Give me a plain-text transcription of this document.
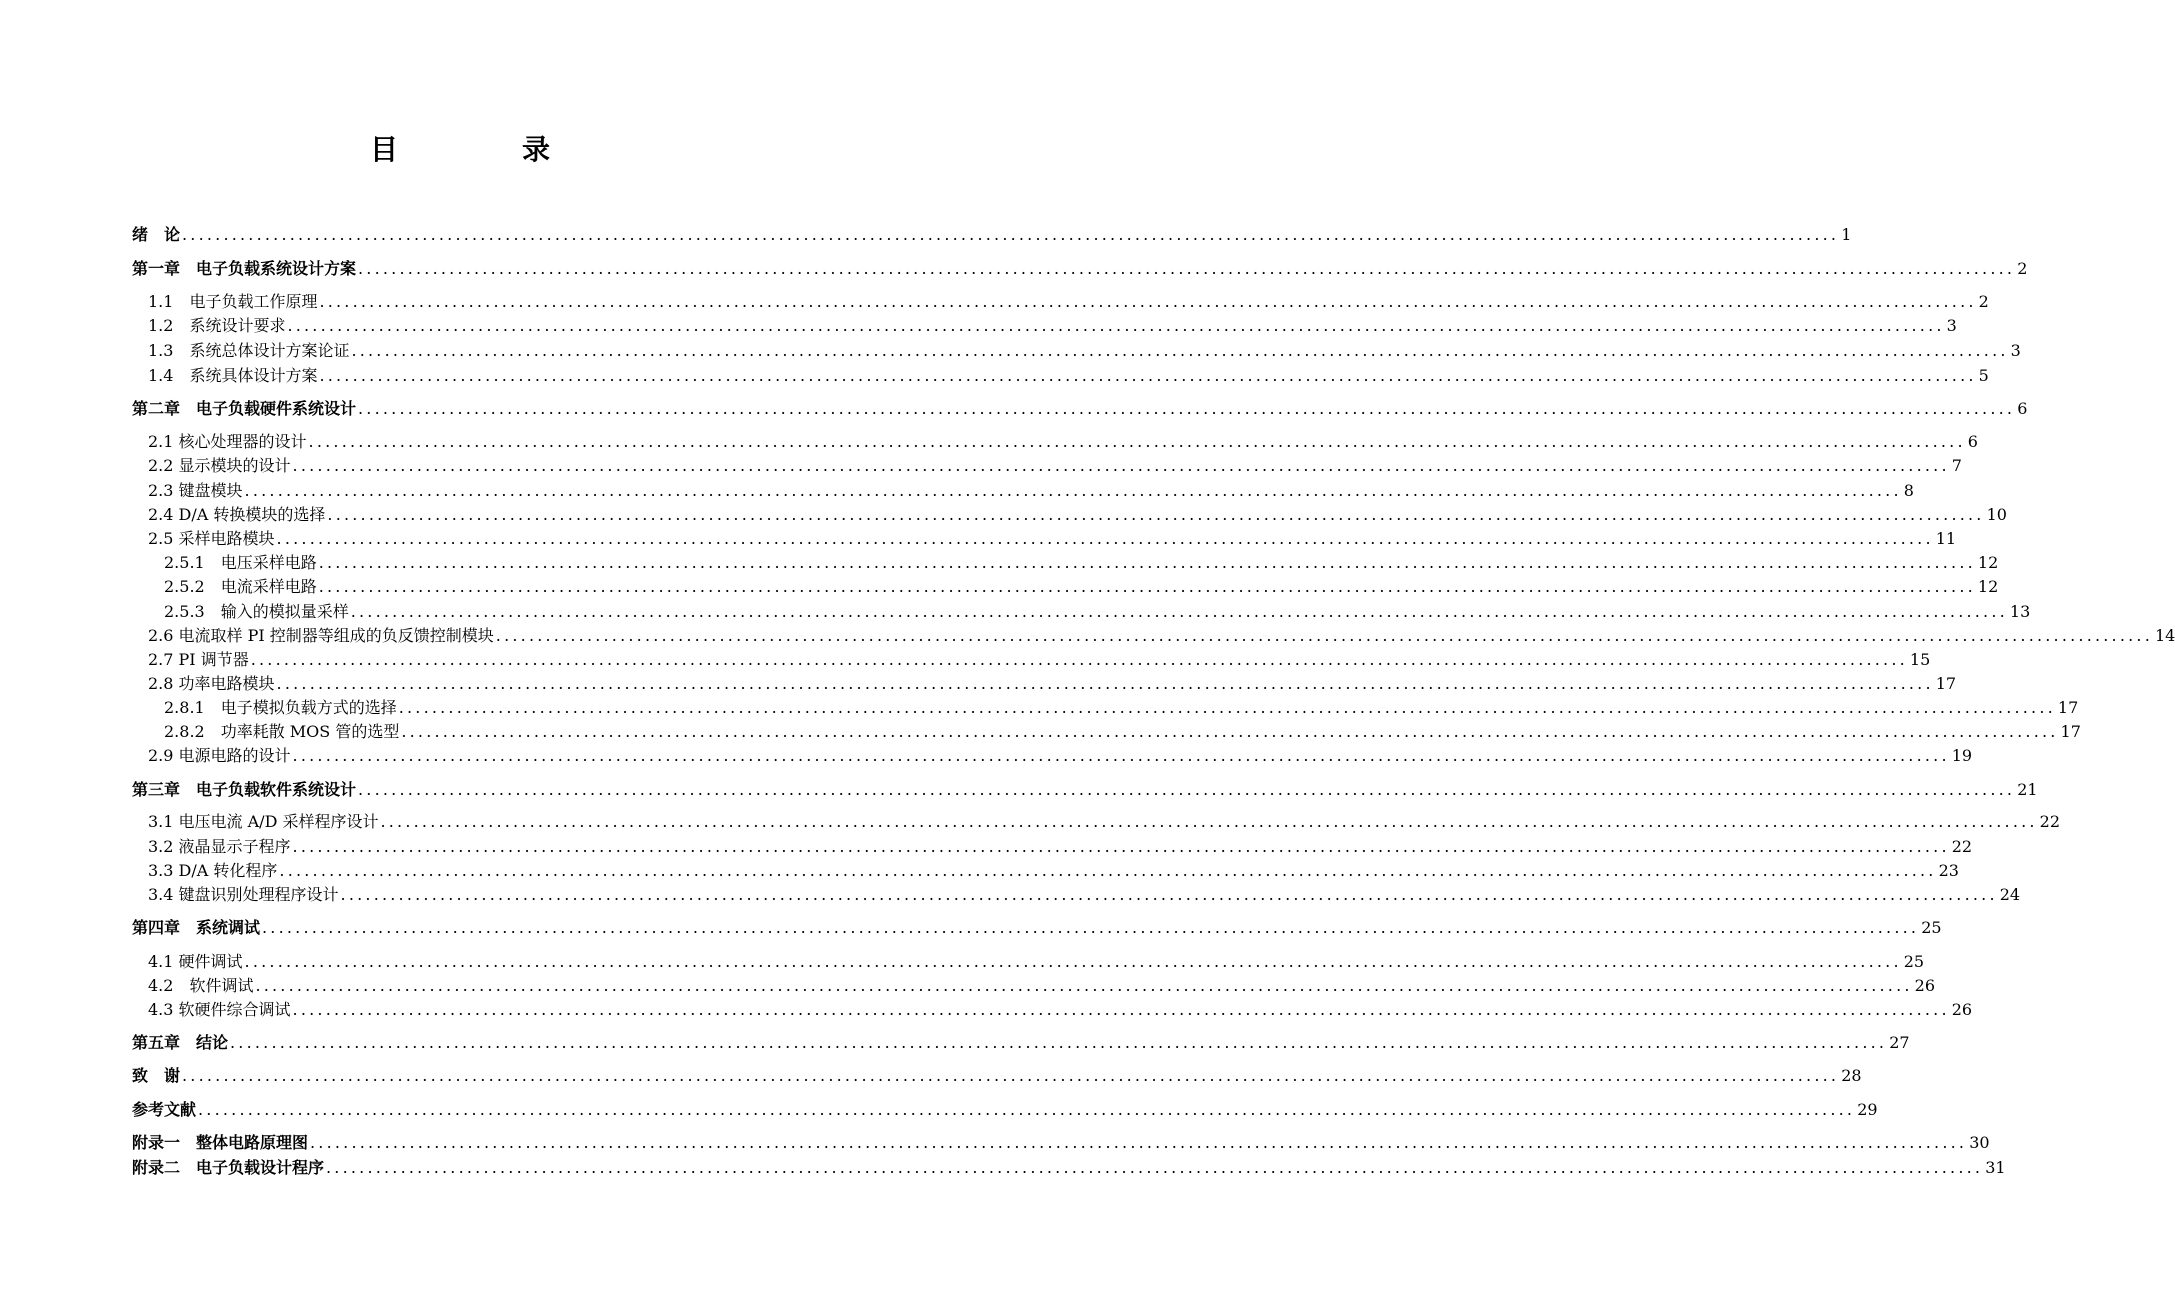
目　录
绪　论 ........................................................................................................................................................................................................ 1
第一章　电子负载系统设计方案 ........................................................................................................................................................................................................ 2
1.1　电子负载工作原理 ........................................................................................................................................................................................................ 2
1.2　系统设计要求 ........................................................................................................................................................................................................ 3
1.3　系统总体设计方案论证 ........................................................................................................................................................................................................ 3
1.4　系统具体设计方案 ........................................................................................................................................................................................................ 5
第二章　电子负载硬件系统设计 ........................................................................................................................................................................................................ 6
2.1 核心处理器的设计 ........................................................................................................................................................................................................ 6
2.2 显示模块的设计 ........................................................................................................................................................................................................ 7
2.3 键盘模块 ........................................................................................................................................................................................................ 8
2.4 D/A 转换模块的选择 ........................................................................................................................................................................................................ 10
2.5 采样电路模块 ........................................................................................................................................................................................................ 11
2.5.1　电压采样电路 ........................................................................................................................................................................................................ 12
2.5.2　电流采样电路 ........................................................................................................................................................................................................ 12
2.5.3　输入的模拟量采样 ........................................................................................................................................................................................................ 13
2.6 电流取样 PI 控制器等组成的负反馈控制模块 ........................................................................................................................................................................................................ 14
2.7 PI 调节器 ........................................................................................................................................................................................................ 15
2.8 功率电路模块 ........................................................................................................................................................................................................ 17
2.8.1　电子模拟负载方式的选择 ........................................................................................................................................................................................................ 17
2.8.2　功率耗散 MOS 管的选型 ........................................................................................................................................................................................................ 17
2.9 电源电路的设计 ........................................................................................................................................................................................................ 19
第三章　电子负载软件系统设计 ........................................................................................................................................................................................................ 21
3.1 电压电流 A/D 采样程序设计 ........................................................................................................................................................................................................ 22
3.2 液晶显示子程序 ........................................................................................................................................................................................................ 22
3.3 D/A 转化程序 ........................................................................................................................................................................................................ 23
3.4 键盘识别处理程序设计 ........................................................................................................................................................................................................ 24
第四章　系统调试 ........................................................................................................................................................................................................ 25
4.1 硬件调试 ........................................................................................................................................................................................................ 25
4.2　软件调试 ........................................................................................................................................................................................................ 26
4.3 软硬件综合调试 ........................................................................................................................................................................................................ 26
第五章　结论 ........................................................................................................................................................................................................ 27
致　谢 ........................................................................................................................................................................................................ 28
参考文献 ........................................................................................................................................................................................................ 29
附录一　整体电路原理图 ........................................................................................................................................................................................................ 30
附录二　电子负载设计程序 ........................................................................................................................................................................................................ 31
